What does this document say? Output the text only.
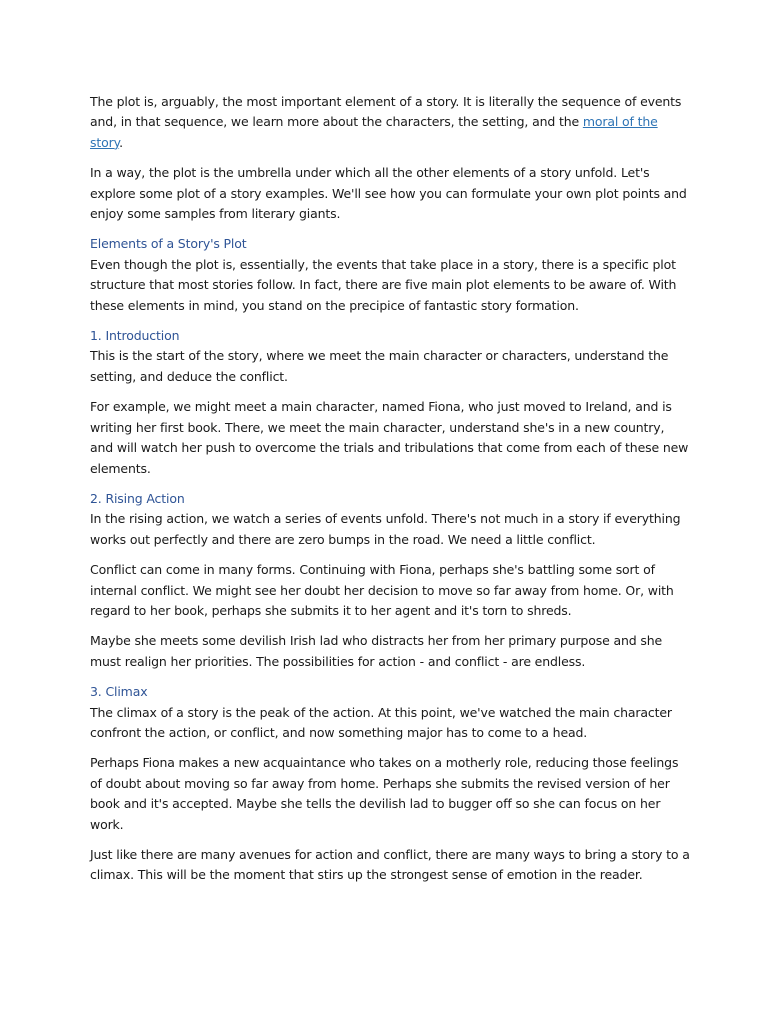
The plot is, arguably, the most important element of a story. It is literally the sequence of events and, in that sequence, we learn more about the characters, the setting, and the moral of the story.

In a way, the plot is the umbrella under which all the other elements of a story unfold. Let's explore some plot of a story examples. We'll see how you can formulate your own plot points and enjoy some samples from literary giants.

Elements of a Story's Plot

Even though the plot is, essentially, the events that take place in a story, there is a specific plot structure that most stories follow. In fact, there are five main plot elements to be aware of. With these elements in mind, you stand on the precipice of fantastic story formation.

1. Introduction

This is the start of the story, where we meet the main character or characters, understand the setting, and deduce the conflict.

For example, we might meet a main character, named Fiona, who just moved to Ireland, and is writing her first book. There, we meet the main character, understand she's in a new country, and will watch her push to overcome the trials and tribulations that come from each of these new elements.

2. Rising Action

In the rising action, we watch a series of events unfold. There's not much in a story if everything works out perfectly and there are zero bumps in the road. We need a little conflict.

Conflict can come in many forms. Continuing with Fiona, perhaps she's battling some sort of internal conflict. We might see her doubt her decision to move so far away from home. Or, with regard to her book, perhaps she submits it to her agent and it's torn to shreds.

Maybe she meets some devilish Irish lad who distracts her from her primary purpose and she must realign her priorities. The possibilities for action - and conflict - are endless.

3. Climax

The climax of a story is the peak of the action. At this point, we've watched the main character confront the action, or conflict, and now something major has to come to a head.

Perhaps Fiona makes a new acquaintance who takes on a motherly role, reducing those feelings of doubt about moving so far away from home. Perhaps she submits the revised version of her book and it's accepted. Maybe she tells the devilish lad to bugger off so she can focus on her work.

Just like there are many avenues for action and conflict, there are many ways to bring a story to a climax. This will be the moment that stirs up the strongest sense of emotion in the reader.
